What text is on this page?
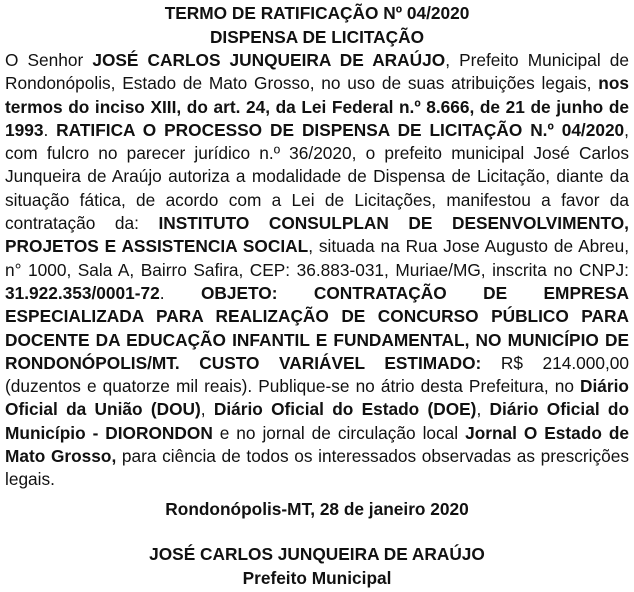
TERMO DE RATIFICAÇÃO Nº 04/2020

DISPENSA DE LICITAÇÃO

O Senhor JOSÉ CARLOS JUNQUEIRA DE ARAÚJO, Prefeito Municipal de Rondonópolis, Estado de Mato Grosso, no uso de suas atribuições legais, nos termos do inciso XIII, do art. 24, da Lei Federal n.º 8.666, de 21 de junho de 1993. RATIFICA O PROCESSO DE DISPENSA DE LICITAÇÃO N.º 04/2020, com fulcro no parecer jurídico n.º 36/2020, o prefeito municipal José Carlos Junqueira de Araújo autoriza a modalidade de Dispensa de Licitação, diante da situação fática, de acordo com a Lei de Licitações, manifestou a favor da contratação da: INSTITUTO CONSULPLAN DE DESENVOLVIMENTO, PROJETOS E ASSISTENCIA SOCIAL, situada na Rua Jose Augusto de Abreu, n° 1000, Sala A, Bairro Safira, CEP: 36.883-031, Muriae/MG, inscrita no CNPJ: 31.922.353/0001-72. OBJETO: CONTRATAÇÃO DE EMPRESA ESPECIALIZADA PARA REALIZAÇÃO DE CONCURSO PÚBLICO PARA DOCENTE DA EDUCAÇÃO INFANTIL E FUNDAMENTAL, NO MUNICÍPIO DE RONDONÓPOLIS/MT. CUSTO VARIÁVEL ESTIMADO: R$ 214.000,00 (duzentos e quatorze mil reais). Publique-se no átrio desta Prefeitura, no Diário Oficial da União (DOU), Diário Oficial do Estado (DOE), Diário Oficial do Município - DIORONDON e no jornal de circulação local Jornal O Estado de Mato Grosso, para ciência de todos os interessados observadas as prescrições legais.

Rondonópolis-MT, 28 de janeiro 2020

JOSÉ CARLOS JUNQUEIRA DE ARAÚJO

Prefeito Municipal
